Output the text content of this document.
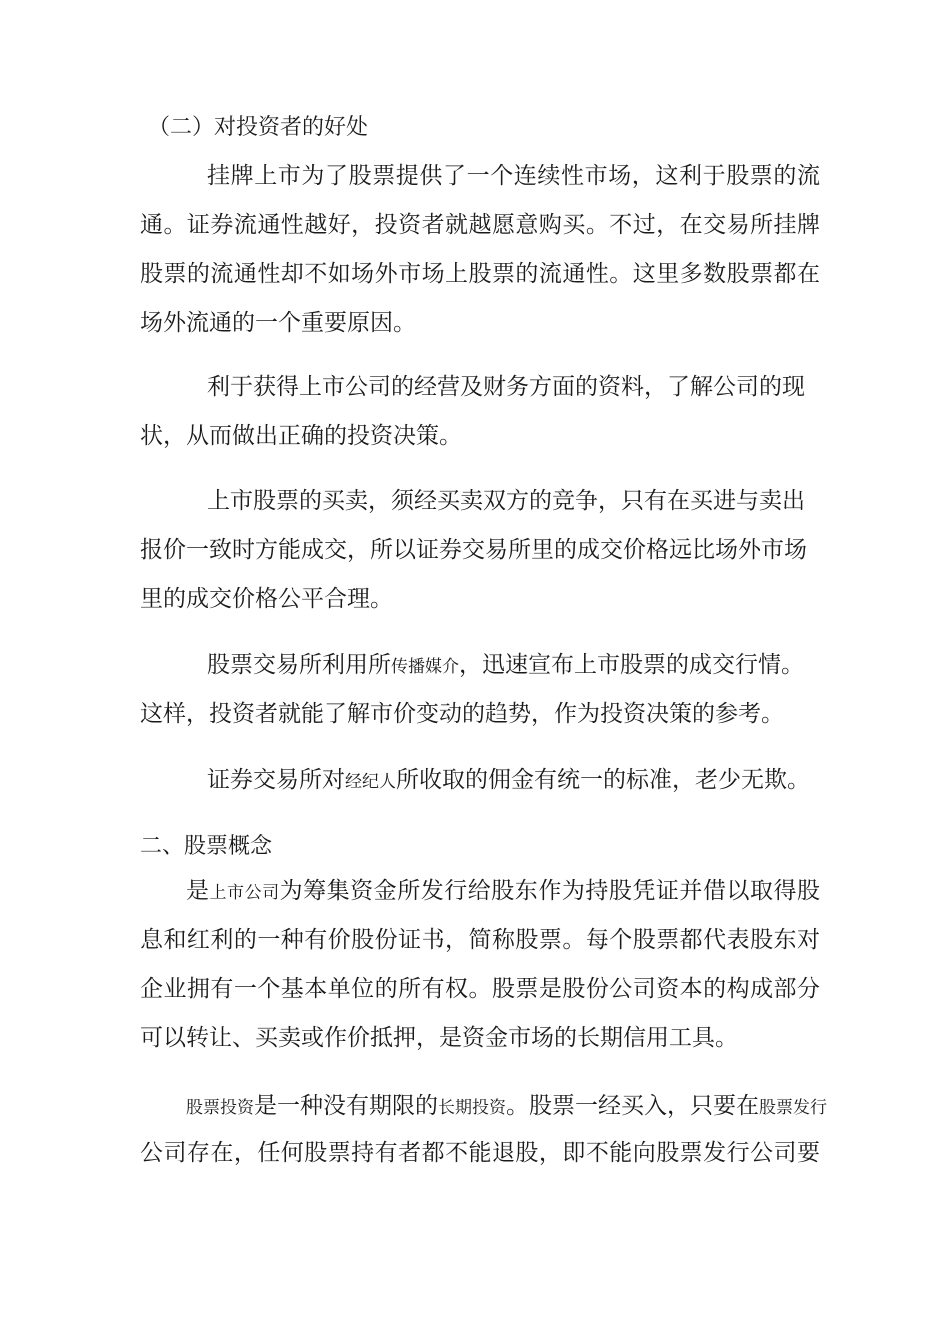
（二）对投资者的好处
挂牌上市为了股票提供了一个连续性市场，这利于股票的流
通。证券流通性越好，投资者就越愿意购买。不过，在交易所挂牌
股票的流通性却不如场外市场上股票的流通性。这里多数股票都在
场外流通的一个重要原因。
利于获得上市公司的经营及财务方面的资料，了解公司的现
状，从而做出正确的投资决策。
上市股票的买卖，须经买卖双方的竞争，只有在买进与卖出
报价一致时方能成交，所以证券交易所里的成交价格远比场外市场
里的成交价格公平合理。
股票交易所利用所传播媒介，迅速宣布上市股票的成交行情。
这样，投资者就能了解市价变动的趋势，作为投资决策的参考。
证券交易所对经纪人所收取的佣金有统一的标准，老少无欺。
二、股票概念
是上市公司为筹集资金所发行给股东作为持股凭证并借以取得股
息和红利的一种有价股份证书，简称股票。每个股票都代表股东对
企业拥有一个基本单位的所有权。股票是股份公司资本的构成部分
可以转让、买卖或作价抵押，是资金市场的长期信用工具。
股票投资是一种没有期限的长期投资。股票一经买入，只要在股票发行
公司存在，任何股票持有者都不能退股，即不能向股票发行公司要
